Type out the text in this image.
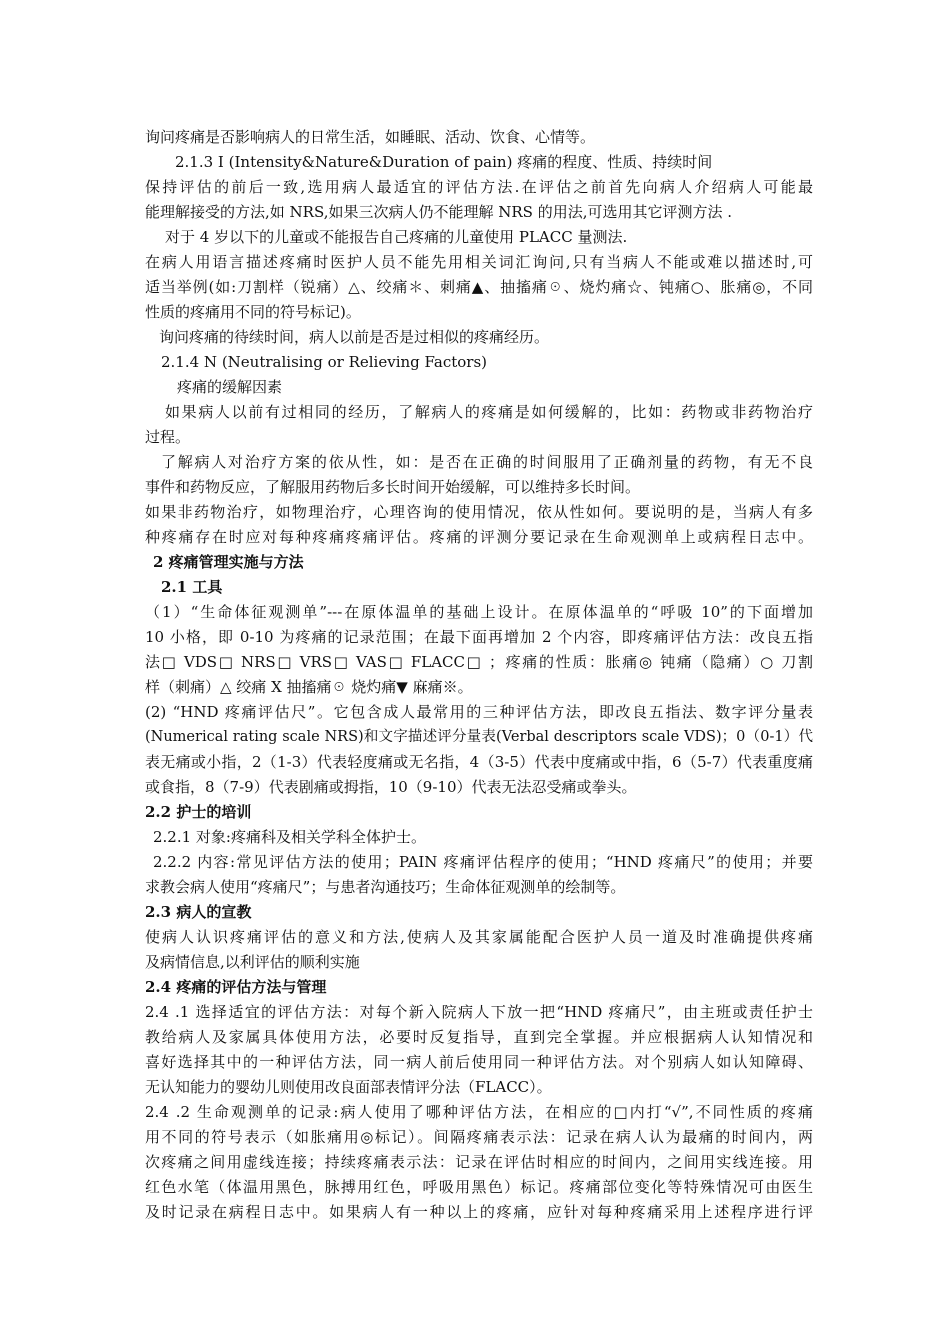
询问疼痛是否影响病人的日常生活，如睡眠、活动、饮食、心情等。
2.1.3 I (Intensity&Nature&Duration of pain) 疼痛的程度、性质、持续时间
保持评估的前后一致,选用病人最适宜的评估方法.在评估之前首先向病人介绍病人可能最
能理解接受的方法,如 NRS,如果三次病人仍不能理解 NRS 的用法,可选用其它评测方法 .
对于 4 岁以下的儿童或不能报告自己疼痛的儿童使用 PLACC 量测法.
在病人用语言描述疼痛时医护人员不能先用相关词汇询问,只有当病人不能或难以描述时,可
适当举例(如:刀割样（锐痛）△、绞痛＊、刺痛▲、抽搐痛☉、烧灼痛☆、钝痛○、胀痛◎，不同
性质的疼痛用不同的符号标记)。
询问疼痛的待续时间，病人以前是否是过相似的疼痛经历。
2.1.4 N (Neutralising or Relieving Factors)
疼痛的缓解因素
如果病人以前有过相同的经历，了解病人的疼痛是如何缓解的，比如：药物或非药物治疗
过程。
了解病人对治疗方案的依从性，如：是否在正确的时间服用了正确剂量的药物，有无不良
事件和药物反应，了解服用药物后多长时间开始缓解，可以维持多长时间。
如果非药物治疗，如物理治疗，心理咨询的使用情况，依从性如何。要说明的是，当病人有多
种疼痛存在时应对每种疼痛疼痛评估。疼痛的评测分要记录在生命观测单上或病程日志中。
2 疼痛管理实施与方法
2.1 工具
（1）“生命体征观测单”---在原体温单的基础上设计。在原体温单的“呼吸 10”的下面增加
10 小格，即 0-10 为疼痛的记录范围；在最下面再增加 2 个内容，即疼痛评估方法：改良五指
法□ VDS□ NRS□ VRS□ VAS□ FLACC□ ；疼痛的性质：胀痛◎ 钝痛（隐痛）○ 刀割
样（刺痛）△ 绞痛 X 抽搐痛☉ 烧灼痛▼ 麻痛※。
(2) “HND 疼痛评估尺”。它包含成人最常用的三种评估方法，即改良五指法、数字评分量表
(Numerical rating scale NRS)和文字描述评分量表(Verbal descriptors scale VDS)；0（0-1）代
表无痛或小指，2（1-3）代表轻度痛或无名指，4（3-5）代表中度痛或中指，6（5-7）代表重度痛
或食指，8（7-9）代表剧痛或拇指，10（9-10）代表无法忍受痛或拳头。
2.2 护士的培训
2.2.1 对象:疼痛科及相关学科全体护士。
2.2.2 内容:常见评估方法的使用；PAIN 疼痛评估程序的使用；“HND 疼痛尺”的使用；并要
求教会病人使用“疼痛尺”；与患者沟通技巧；生命体征观测单的绘制等。
2.3 病人的宣教
使病人认识疼痛评估的意义和方法,使病人及其家属能配合医护人员一道及时准确提供疼痛
及病情信息,以利评估的顺利实施
2.4 疼痛的评估方法与管理
2.4 .1 选择适宜的评估方法：对每个新入院病人下放一把“HND 疼痛尺”，由主班或责任护士
教给病人及家属具体使用方法，必要时反复指导，直到完全掌握。并应根据病人认知情况和
喜好选择其中的一种评估方法，同一病人前后使用同一种评估方法。对个别病人如认知障碍、
无认知能力的婴幼儿则使用改良面部表情评分法（FLACC）。
2.4 .2 生命观测单的记录:病人使用了哪种评估方法，在相应的□内打“√”,不同性质的疼痛
用不同的符号表示（如胀痛用◎标记）。间隔疼痛表示法：记录在病人认为最痛的时间内，两
次疼痛之间用虚线连接；持续疼痛表示法：记录在评估时相应的时间内，之间用实线连接。用
红色水笔（体温用黑色，脉搏用红色，呼吸用黑色）标记。疼痛部位变化等特殊情况可由医生
及时记录在病程日志中。如果病人有一种以上的疼痛，应针对每种疼痛采用上述程序进行评
